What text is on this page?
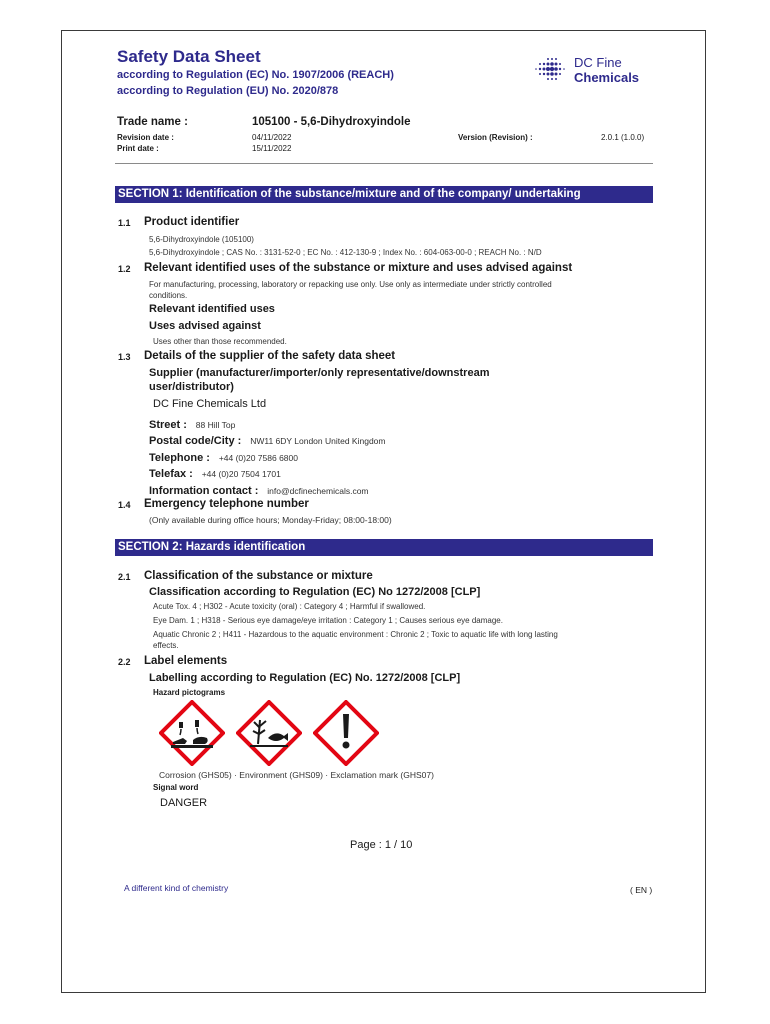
Safety Data Sheet
according to Regulation (EC) No. 1907/2006 (REACH)
according to Regulation (EU) No. 2020/878
DC Fine
Chemicals
Trade name :	105100 - 5,6-Dihydroxyindole
Revision date :	04/11/2022
Print date :	15/11/2022
Version (Revision) :	2.0.1 (1.0.0)
SECTION 1: Identification of the substance/mixture and of the company/ undertaking
1.1 Product identifier
5,6-Dihydroxyindole (105100)
5,6-Dihydroxyindole ; CAS No. : 3131-52-0 ; EC No. : 412-130-9 ; Index No. : 604-063-00-0 ; REACH No. : N/D
1.2 Relevant identified uses of the substance or mixture and uses advised against
For manufacturing, processing, laboratory or repacking use only. Use only as intermediate under strictly controlled
conditions.
Relevant identified uses
Uses advised against
Uses other than those recommended.
1.3 Details of the supplier of the safety data sheet
Supplier (manufacturer/importer/only representative/downstream
user/distributor)
DC Fine Chemicals Ltd
Street : 88 Hill Top
Postal code/City : NW11 6DY London United Kingdom
Telephone : +44 (0)20 7586 6800
Telefax : +44 (0)20 7504 1701
Information contact : info@dcfinechemicals.com
1.4 Emergency telephone number
(Only available during office hours; Monday-Friday; 08:00-18:00)
SECTION 2: Hazards identification
2.1 Classification of the substance or mixture
Classification according to Regulation (EC) No 1272/2008 [CLP]
Acute Tox. 4 ; H302 - Acute toxicity (oral) : Category 4 ; Harmful if swallowed.
Eye Dam. 1 ; H318 - Serious eye damage/eye irritation : Category 1 ; Causes serious eye damage.
Aquatic Chronic 2 ; H411 - Hazardous to the aquatic environment : Chronic 2 ; Toxic to aquatic life with long lasting
effects.
2.2 Label elements
Labelling according to Regulation (EC) No. 1272/2008 [CLP]
Hazard pictograms
Corrosion (GHS05) · Environment (GHS09) · Exclamation mark (GHS07)
Signal word
DANGER
Page : 1 / 10
A different kind of chemistry	( EN )
